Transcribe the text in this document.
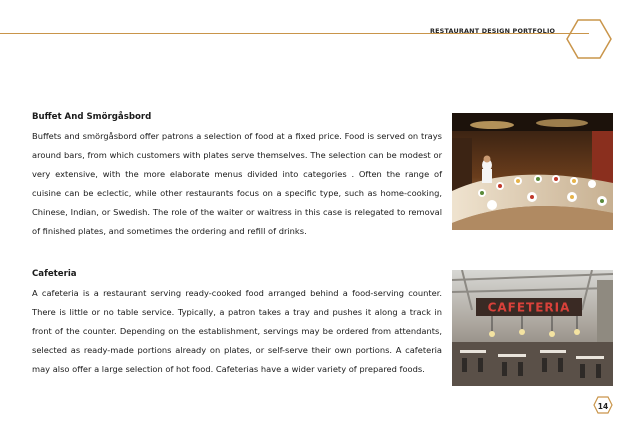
RESTAURANT DESIGN PORTFOLIO
Buffet And Smörgåsbord

Buffets and smörgåsbord offer patrons a selection of food at a fixed price. Food is served on trays around bars, from which customers with plates serve themselves. The selection can be modest or very extensive, with the more elaborate menus divided into categories . Often the range of cuisine can be eclectic, while other restaurants focus on a specific type, such as home-cooking, Chinese, Indian, or Swedish. The role of the waiter or waitress in this case is relegated to removal of finished plates, and sometimes the ordering and refill of drinks.

Cafeteria

A cafeteria is a restaurant serving ready-cooked food arranged behind a food-serving counter. There is little or no table service. Typically, a patron takes a tray and pushes it along a track in front of the counter. Depending on the establishment, servings may be ordered from attendants, selected as ready-made portions already on plates, or self-serve their own portions. A cafeteria may also offer a large selection of hot food. Cafeterias have a wider variety of prepared foods.

CAFETERIA
14
